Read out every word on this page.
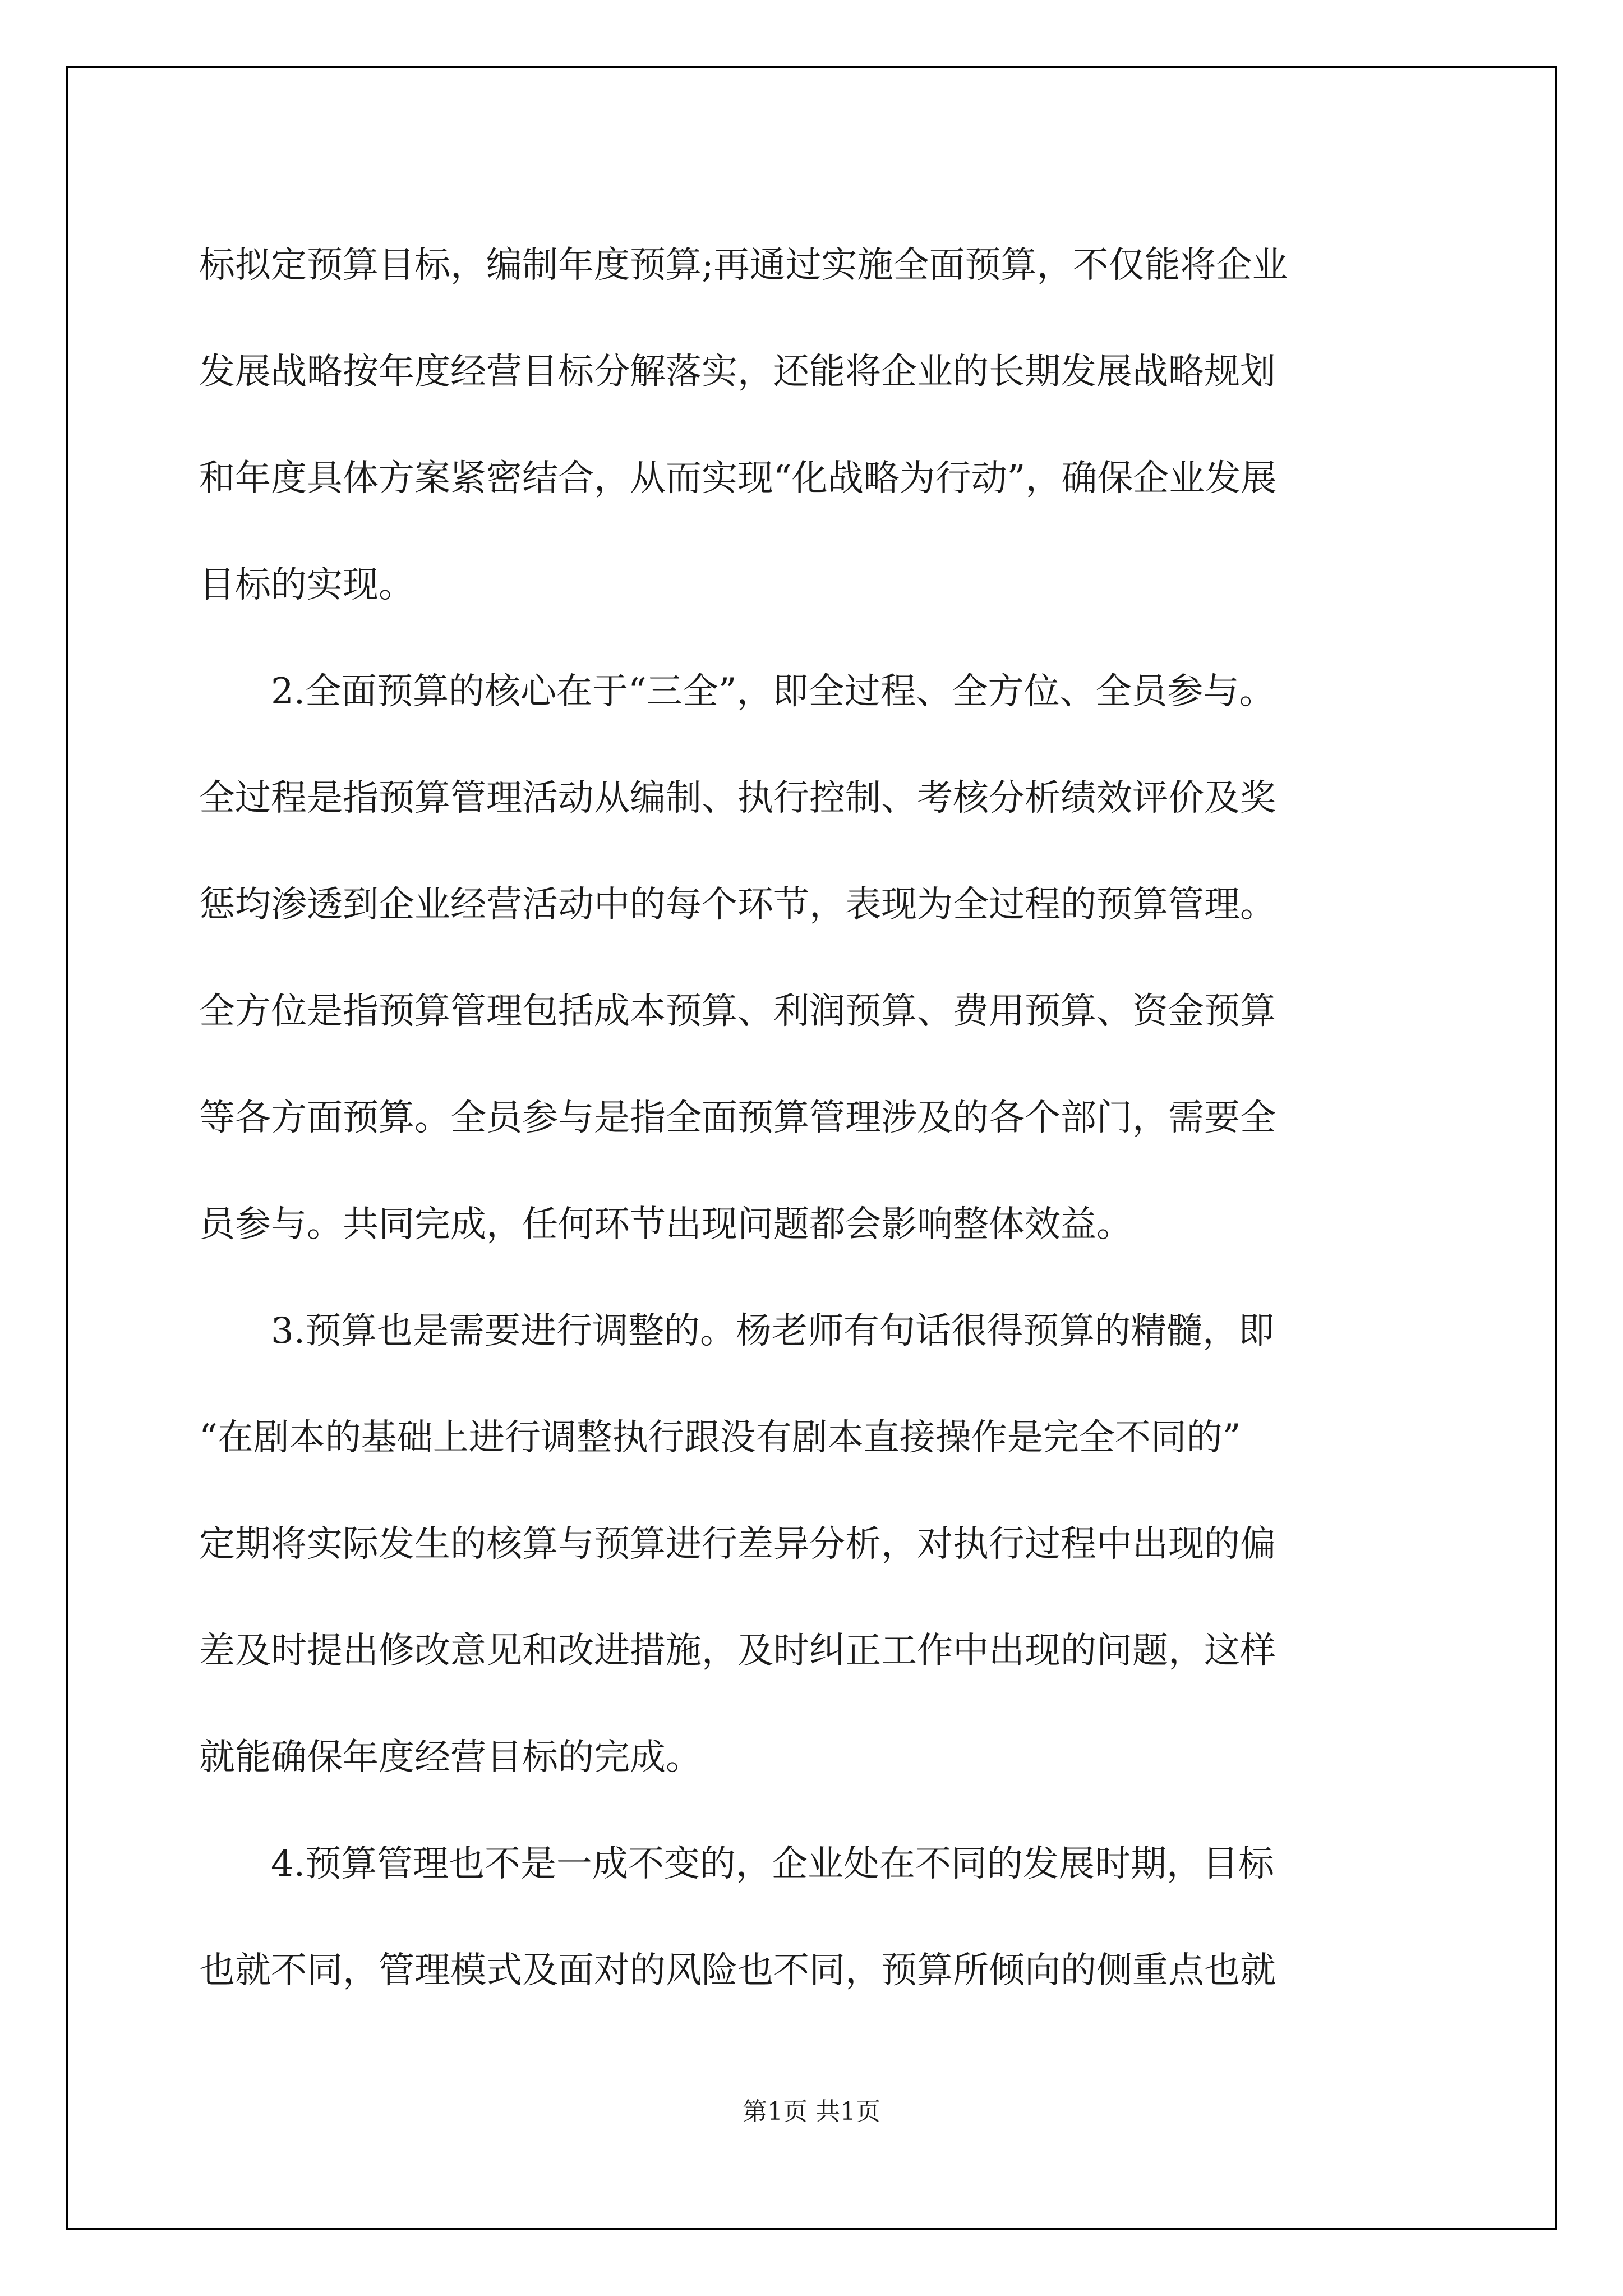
标拟定预算目标，编制年度预算;再通过实施全面预算，不仅能将企业
发展战略按年度经营目标分解落实，还能将企业的长期发展战略规划
和年度具体方案紧密结合，从而实现“化战略为行动”，确保企业发展
目标的实现。
2.全面预算的核心在于“三全”，即全过程、全方位、全员参与。
全过程是指预算管理活动从编制、执行控制、考核分析绩效评价及奖
惩均渗透到企业经营活动中的每个环节，表现为全过程的预算管理。
全方位是指预算管理包括成本预算、利润预算、费用预算、资金预算
等各方面预算。全员参与是指全面预算管理涉及的各个部门，需要全
员参与。共同完成，任何环节出现问题都会影响整体效益。
3.预算也是需要进行调整的。杨老师有句话很得预算的精髓，即
“在剧本的基础上进行调整执行跟没有剧本直接操作是完全不同的”
定期将实际发生的核算与预算进行差异分析，对执行过程中出现的偏
差及时提出修改意见和改进措施，及时纠正工作中出现的问题，这样
就能确保年度经营目标的完成。
4.预算管理也不是一成不变的，企业处在不同的发展时期，目标
也就不同，管理模式及面对的风险也不同，预算所倾向的侧重点也就
第1页 共1页
